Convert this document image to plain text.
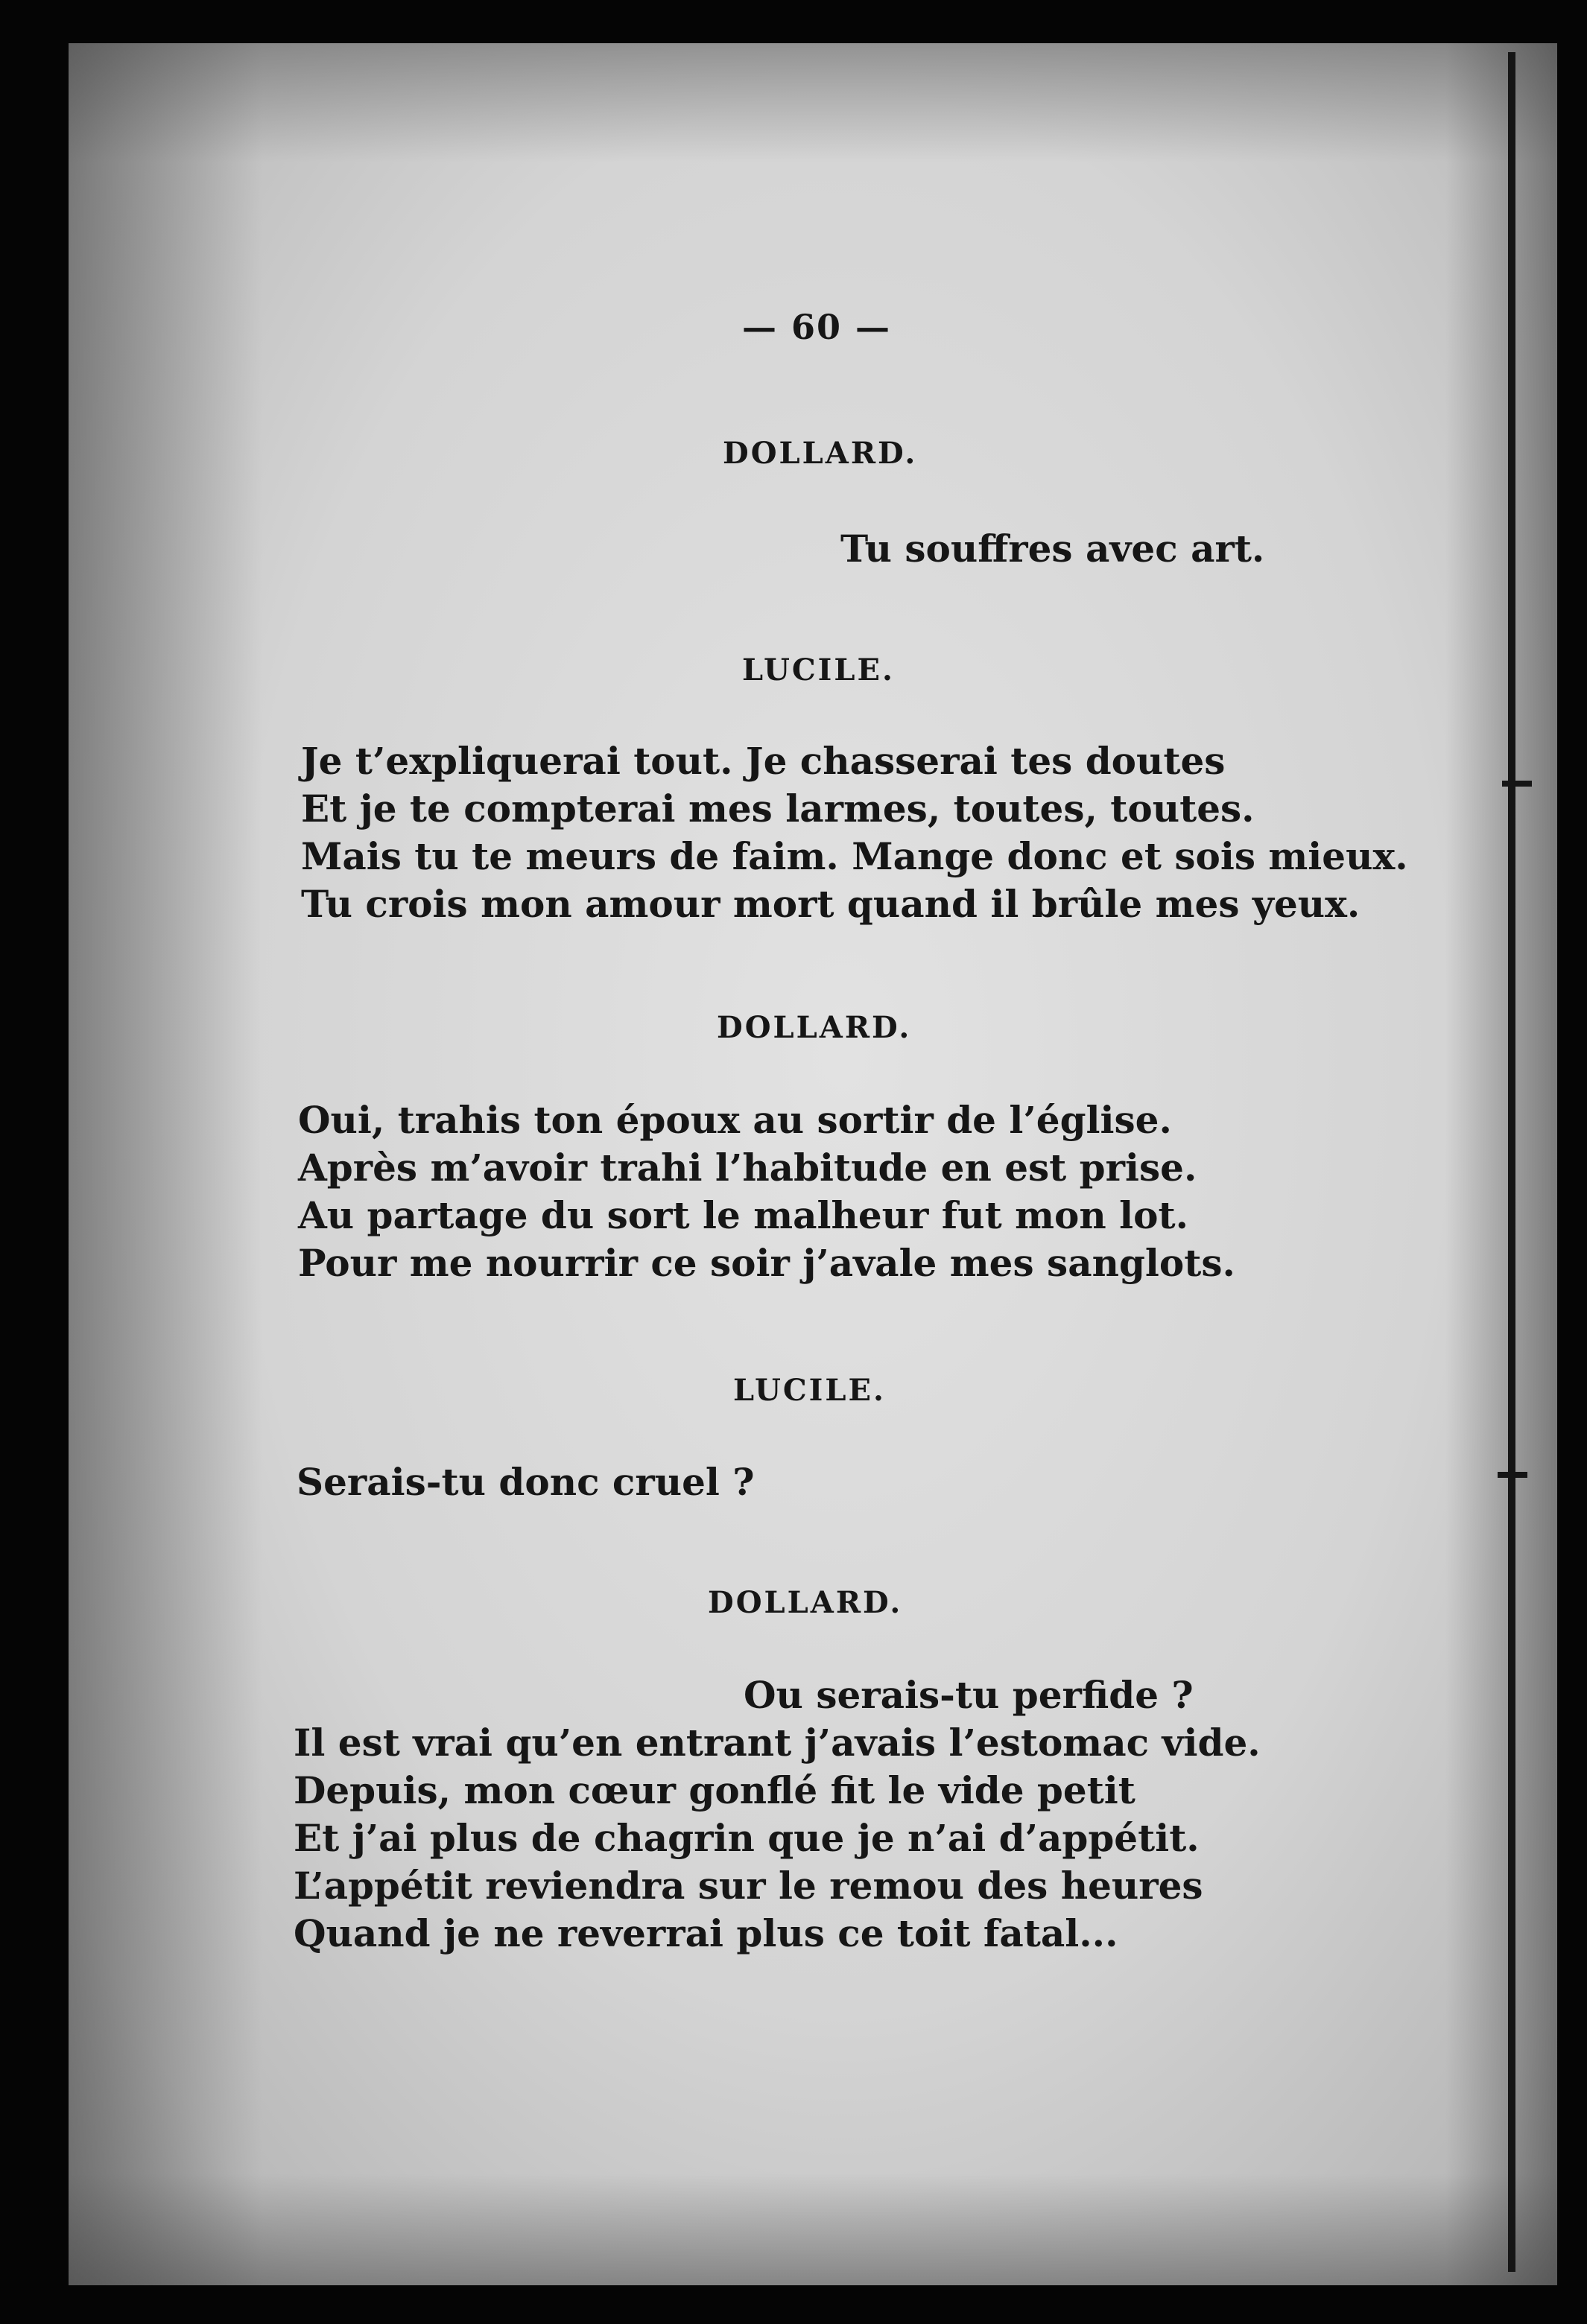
— 60 —
DOLLARD.
Tu souffres avec art.
LUCILE.
Je t’expliquerai tout. Je chasserai tes doutes
Et je te compterai mes larmes, toutes, toutes.
Mais tu te meurs de faim. Mange donc et sois mieux.
Tu crois mon amour mort quand il brûle mes yeux.
DOLLARD.
Oui, trahis ton époux au sortir de l’église.
Après m’avoir trahi l’habitude en est prise.
Au partage du sort le malheur fut mon lot.
Pour me nourrir ce soir j’avale mes sanglots.
LUCILE.
Serais-tu donc cruel ?
DOLLARD.
Ou serais-tu perfide ?
Il est vrai qu’en entrant j’avais l’estomac vide.
Depuis, mon cœur gonflé fit le vide petit
Et j’ai plus de chagrin que je n’ai d’appétit.
L’appétit reviendra sur le remou des heures
Quand je ne reverrai plus ce toit fatal...
